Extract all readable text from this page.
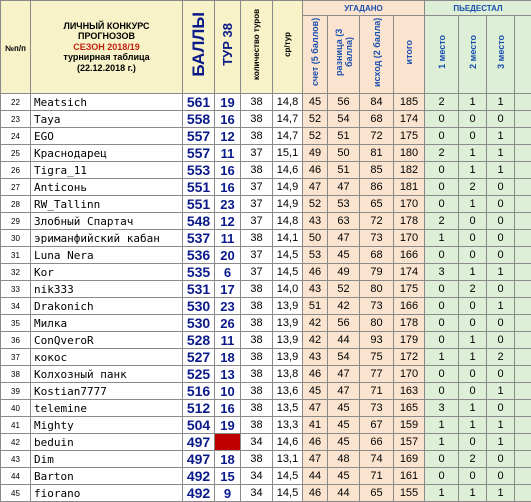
№п/п	ЛИЧНЫЙ КОНКУРС
ПРОГНОЗОВ
СЕЗОН 2018/19
турнирная таблица
(22.12.2018 г.)	БАЛЛЫ	ТУР 38	количество туров	ср/тур	УГАДАНО				ПЬЕДЕСТАЛ			
						счет (5 баллов)	разница (3 балла)	исход (2 балла)	итого	1 место	2 место	3 место	
22	Meatsich	561	19	38	14,8	45	56	84	185	2	1	1	
23	Taya	558	16	38	14,7	52	54	68	174	0	0	0	
24	EGO	557	12	38	14,7	52	51	72	175	0	0	1	
25	Краснодарец	557	11	37	15,1	49	50	81	180	2	1	1	
26	Tigra_11	553	16	38	14,6	46	51	85	182	0	1	1	
27	Anticoнь	551	16	37	14,9	47	47	86	181	0	2	0	
28	RW_Tallinn	551	23	37	14,9	52	53	65	170	0	1	0	
29	Злобный Спартач	548	12	37	14,8	43	63	72	178	2	0	0	
30	эриманфийский кабан	537	11	38	14,1	50	47	73	170	1	0	0	
31	Luna Nera	536	20	37	14,5	53	45	68	166	0	0	0	
32	Kor	535	6	37	14,5	46	49	79	174	3	1	1	
33	nik333	531	17	38	14,0	43	52	80	175	0	2	0	
34	Drakonich	530	23	38	13,9	51	42	73	166	0	0	1	
35	Милка	530	26	38	13,9	42	56	80	178	0	0	0	
36	ConQveroR	528	11	38	13,9	42	44	93	179	0	1	0	
37	кокос	527	18	38	13,9	43	54	75	172	1	1	2	
38	Колхозный панк	525	13	38	13,8	46	47	77	170	0	0	0	
39	Kostian7777	516	10	38	13,6	45	47	71	163	0	0	1	
40	telemine	512	16	38	13,5	47	45	73	165	3	1	0	
41	Mighty	504	19	38	13,3	41	45	67	159	1	1	1	
42	beduin	497		34	14,6	46	45	66	157	1	0	1	
43	Dim	497	18	38	13,1	47	48	74	169	0	2	0	
44	Barton	492	15	34	14,5	44	45	71	161	0	0	0	
45	fiorano	492	9	34	14,5	46	44	65	155	1	1	1	
